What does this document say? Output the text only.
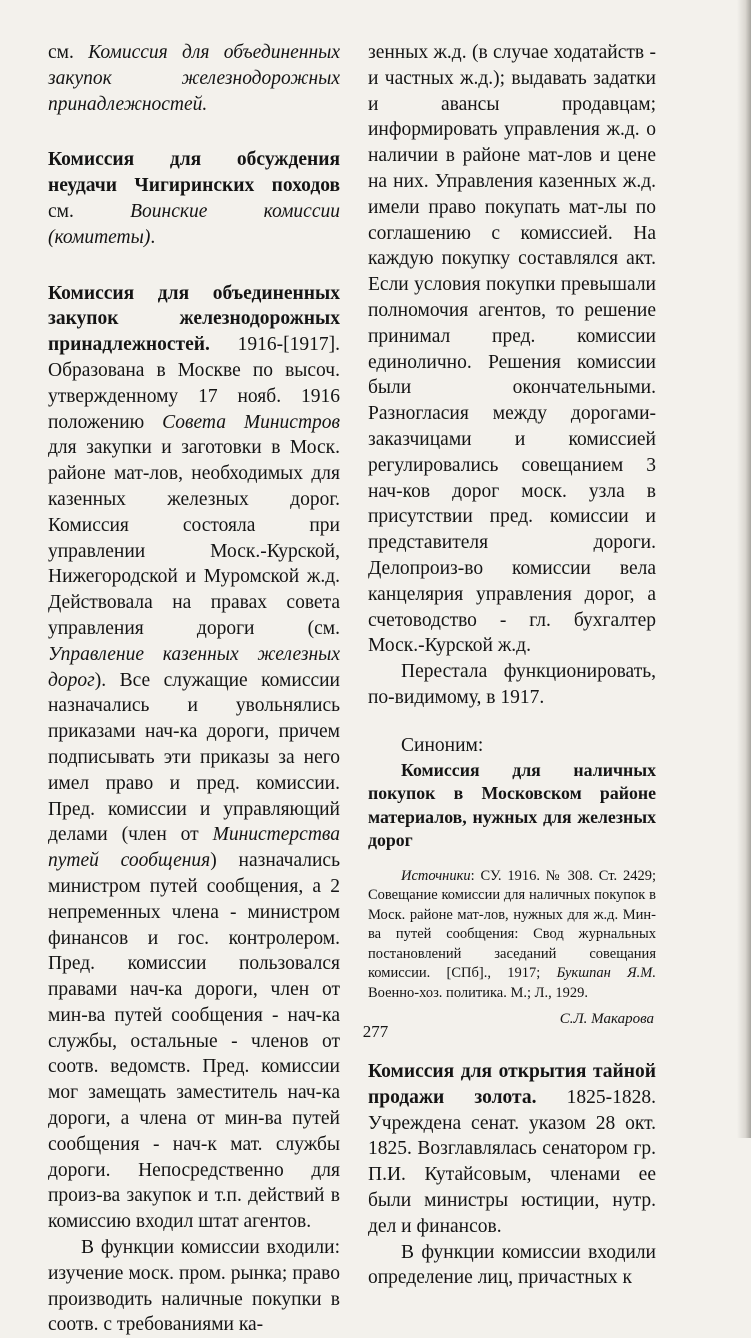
см. Комиссия для объединенных закупок железнодорожных принадлежностей.

Комиссия для обсуждения неудачи Чигиринских походов см. Воинские комиссии (комитеты).

Комиссия для объединенных закупок железнодорожных принадлежностей. 1916-[1917]. Образована в Москве по высоч. утвержденному 17 нояб. 1916 положению Совета Министров для закупки и заготовки в Моск. районе мат-лов, необходимых для казенных железных дорог. Комиссия состояла при управлении Моск.-Курской, Нижегородской и Муромской ж.д. Действовала на правах совета управления дороги (см. Управление казенных железных дорог). Все служащие комиссии назначались и увольнялись приказами нач-ка дороги, причем подписывать эти приказы за него имел право и пред. комиссии. Пред. комиссии и управляющий делами (член от Министерства путей сообщения) назначались министром путей сообщения, а 2 непременных члена - министром финансов и гос. контролером. Пред. комиссии пользовался правами нач-ка дороги, член от мин-ва путей сообщения - нач-ка службы, остальные - членов от соотв. ведомств. Пред. комиссии мог замещать заместитель нач-ка дороги, а члена от мин-ва путей сообщения - нач-к мат. службы дороги. Непосредственно для произ-ва закупок и т.п. действий в комиссию входил штат агентов.

В функции комиссии входили: изучение моск. пром. рынка; право производить наличные покупки в соотв. с требованиями ка-

зенных ж.д. (в случае ходатайств - и частных ж.д.); выдавать задатки и авансы продавцам; информировать управления ж.д. о наличии в районе мат-лов и цене на них. Управления казенных ж.д. имели право покупать мат-лы по соглашению с комиссией. На каждую покупку составлялся акт. Если условия покупки превышали полномочия агентов, то решение принимал пред. комиссии единолично. Решения комиссии были окончательными. Разногласия между дорогами-заказчицами и комиссией регулировались совещанием 3 нач-ков дорог моск. узла в присутствии пред. комиссии и представителя дороги. Делопроиз-во комиссии вела канцелярия управления дорог, а счетоводство - гл. бухгалтер Моск.-Курской ж.д.

Перестала функционировать, по-видимому, в 1917.

Синоним:

Комиссия для наличных покупок в Московском районе материалов, нужных для железных дорог

Источники: СУ. 1916. № 308. Ст. 2429; Совещание комиссии для наличных покупок в Моск. районе мат-лов, нужных для ж.д. Мин-ва путей сообщения: Свод журнальных постановлений заседаний совещания комиссии. [СПб]., 1917; Букшпан Я.М. Военно-хоз. политика. М.; Л., 1929.

С.Л. Макарова

Комиссия для открытия тайной продажи золота. 1825-1828. Учреждена сенат. указом 28 окт. 1825. Возглавлялась сенатором гр. П.И. Кутайсовым, членами ее были министры юстиции, нутр. дел и финансов.

В функции комиссии входили определение лиц, причастных к

277
